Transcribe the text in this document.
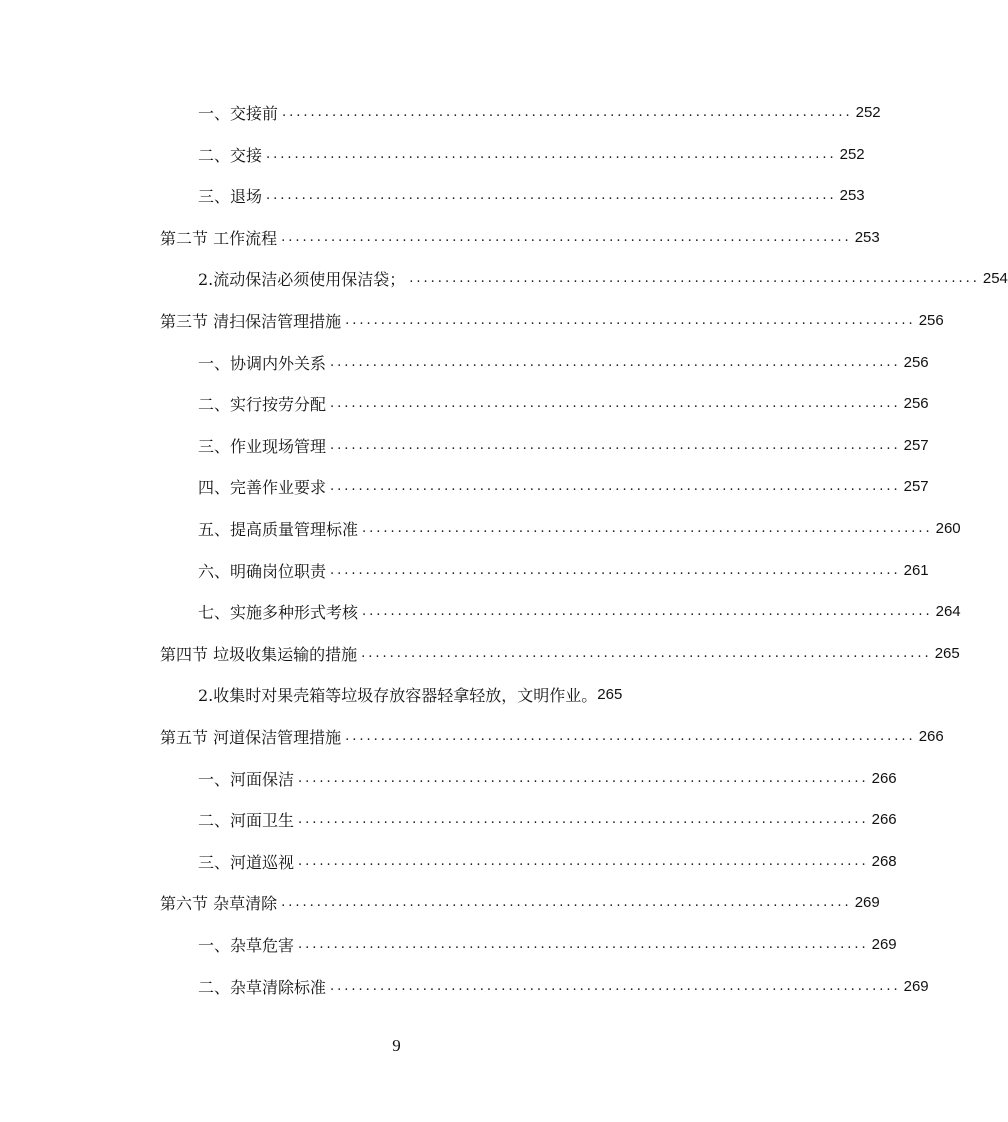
一、交接前 ................................................................................ 252
二、交接 ................................................................................ 252
三、退场 ................................................................................ 253
第二节 工作流程 ................................................................................ 253
2.流动保洁必须使用保洁袋； ................................................................................ 254
第三节 清扫保洁管理措施 ................................................................................ 256
一、协调内外关系 ................................................................................ 256
二、实行按劳分配 ................................................................................ 256
三、作业现场管理 ................................................................................ 257
四、完善作业要求 ................................................................................ 257
五、提高质量管理标准 ................................................................................ 260
六、明确岗位职责 ................................................................................ 261
七、实施多种形式考核 ................................................................................ 264
第四节 垃圾收集运输的措施 ................................................................................ 265
2.收集时对果壳箱等垃圾存放容器轻拿轻放，文明作业。 265
第五节 河道保洁管理措施 ................................................................................ 266
一、河面保洁 ................................................................................ 266
二、河面卫生 ................................................................................ 266
三、河道巡视 ................................................................................ 268
第六节 杂草清除 ................................................................................ 269
一、杂草危害 ................................................................................ 269
二、杂草清除标准 ................................................................................ 269
9
